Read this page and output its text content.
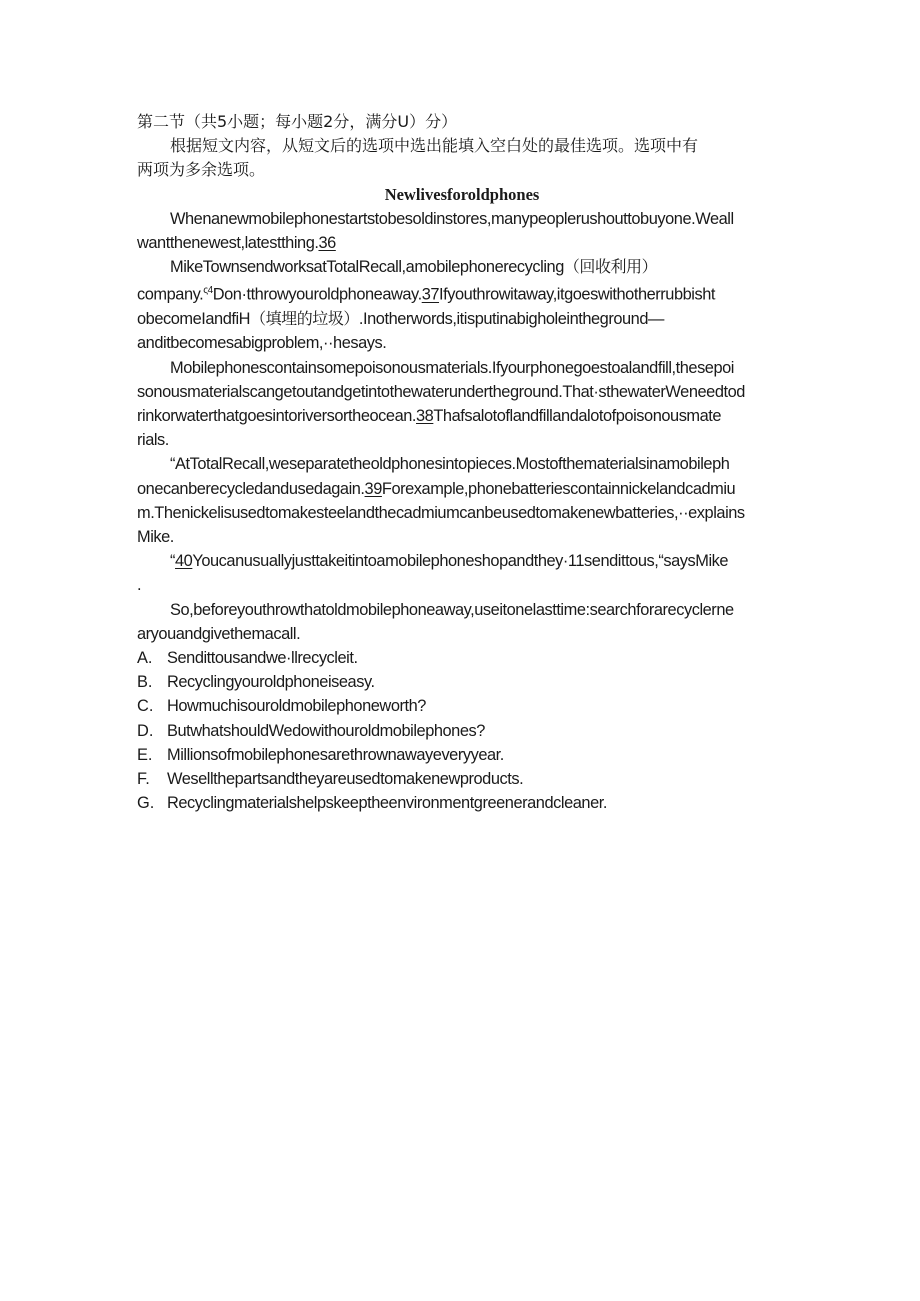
第二节（共5小题；每小题2分，满分U）分）
根据短文内容，从短文后的选项中选出能填入空白处的最佳选项。选项中有
两项为多余选项。
Newlivesforoldphones
Whenanewmobilephonestartstobesoldinstores,manypeoplerushouttobuyone.Weall
wantthenewest,latestthing.36
MikeTownsendworksatTotalRecall,amobilephonerecycling（回收利用）
company.$^{\varsigma 4}$Don·tthrowyouroldphoneaway.37Ifyouthrowitaway,itgoeswithotherrubbisht
obecomeIandfiH（填埋的垃圾）.Inotherwords,itisputinabigholeintheground—
anditbecomesabigproblem,··hesays.
Mobilephonescontainsomepoisonousmaterials.Ifyourphonegoestoalandfill,thesepoi
sonousmaterialscangetoutandgetintothewaterundertheground.That·sthewaterWeneedtod
rinkorwaterthatgoesintoriversortheocean.38Thafsalotoflandfillandalotofpoisonousmate
rials.
“AtTotalRecall,weseparatetheoldphonesintopieces.Mostofthematerialsinamobileph
onecanberecycledandusedagain.39Forexample,phonebatteriescontainnickelandcadmiu
m.Thenickelisusedtomakesteelandthecadmiumcanbeusedtomakenewbatteries,··explains
Mike.
“40Youcanusuallyjusttakeitintoamobilephoneshopandthey·11sendittous,“saysMike
.
So,beforeyouthrowthatoldmobilephoneaway,useitonelasttime:searchforarecyclerne
aryouandgivethemacall.
A. Sendittousandwe·llrecycleit.
B. Recyclingyouroldphoneiseasy.
C. Howmuchisouroldmobilephoneworth?
D. ButwhatshouldWedowithouroldmobilephones?
E. Millionsofmobilephonesarethrownawayeveryyear.
F. Wesellthepartsandtheyareusedtomakenewproducts.
G. Recyclingmaterialshelpskeeptheenvironmentgreenerandcleaner.
